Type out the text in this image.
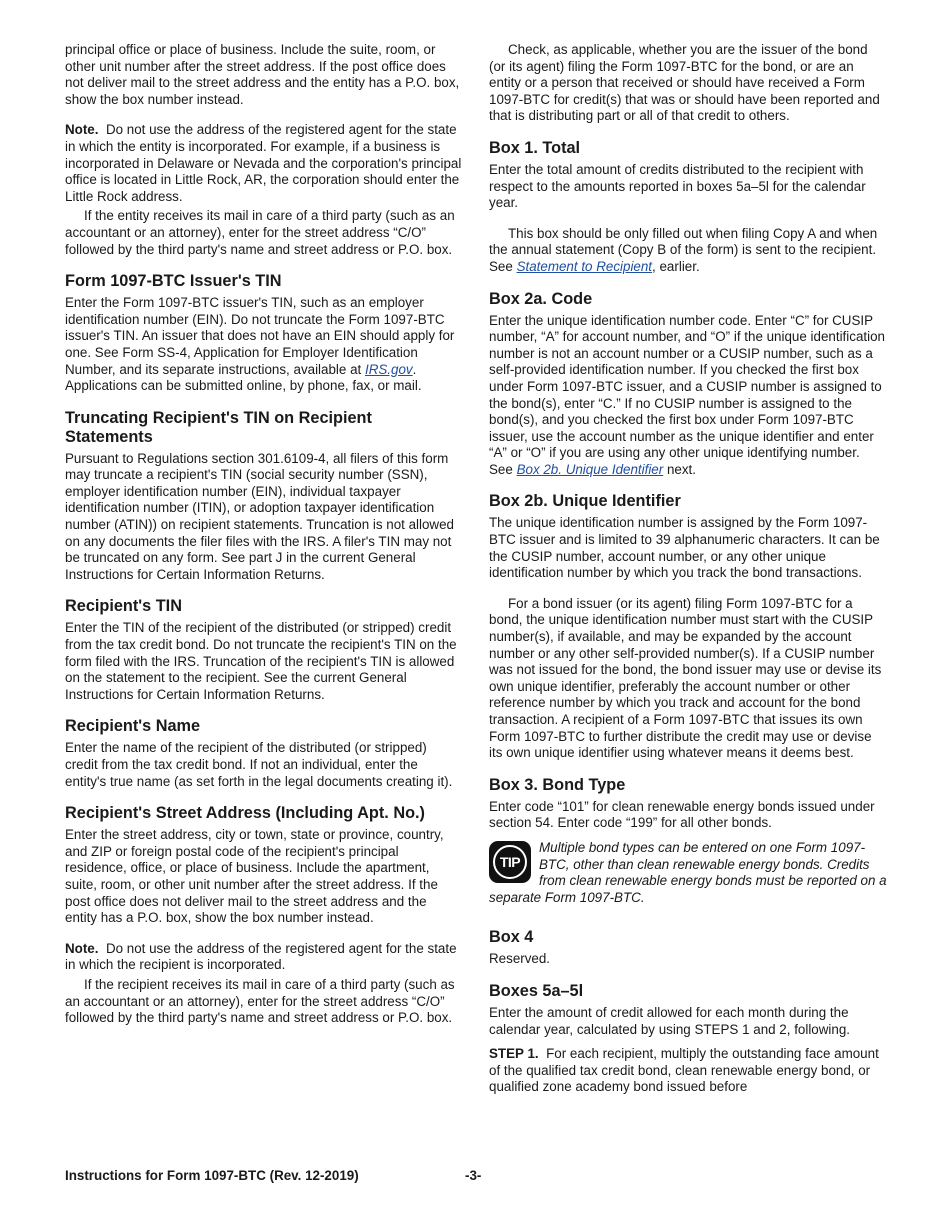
principal office or place of business. Include the suite, room, or other unit number after the street address. If the post office does not deliver mail to the street address and the entity has a P.O. box, show the box number instead.

Note. Do not use the address of the registered agent for the state in which the entity is incorporated. For example, if a business is incorporated in Delaware or Nevada and the corporation's principal office is located in Little Rock, AR, the corporation should enter the Little Rock address.

If the entity receives its mail in care of a third party (such as an accountant or an attorney), enter for the street address “C/O” followed by the third party's name and street address or P.O. box.

Form 1097-BTC Issuer's TIN

Enter the Form 1097-BTC issuer's TIN, such as an employer identification number (EIN). Do not truncate the Form 1097-BTC issuer's TIN. An issuer that does not have an EIN should apply for one. See Form SS-4, Application for Employer Identification Number, and its separate instructions, available at IRS.gov. Applications can be submitted online, by phone, fax, or mail.

Truncating Recipient's TIN on Recipient Statements

Pursuant to Regulations section 301.6109-4, all filers of this form may truncate a recipient's TIN (social security number (SSN), employer identification number (EIN), individual taxpayer identification number (ITIN), or adoption taxpayer identification number (ATIN)) on recipient statements. Truncation is not allowed on any documents the filer files with the IRS. A filer's TIN may not be truncated on any form. See part J in the current General Instructions for Certain Information Returns.

Recipient's TIN

Enter the TIN of the recipient of the distributed (or stripped) credit from the tax credit bond. Do not truncate the recipient's TIN on the form filed with the IRS. Truncation of the recipient's TIN is allowed on the statement to the recipient. See the current General Instructions for Certain Information Returns.

Recipient's Name

Enter the name of the recipient of the distributed (or stripped) credit from the tax credit bond. If not an individual, enter the entity's true name (as set forth in the legal documents creating it).

Recipient's Street Address (Including Apt. No.)

Enter the street address, city or town, state or province, country, and ZIP or foreign postal code of the recipient's principal residence, office, or place of business. Include the apartment, suite, room, or other unit number after the street address. If the post office does not deliver mail to the street address and the entity has a P.O. box, show the box number instead.

Note. Do not use the address of the registered agent for the state in which the recipient is incorporated.

If the recipient receives its mail in care of a third party (such as an accountant or an attorney), enter for the street address “C/O” followed by the third party's name and street address or P.O. box.

Check, as applicable, whether you are the issuer of the bond (or its agent) filing the Form 1097-BTC for the bond, or are an entity or a person that received or should have received a Form 1097-BTC for credit(s) that was or should have been reported and that is distributing part or all of that credit to others.

Box 1. Total

Enter the total amount of credits distributed to the recipient with respect to the amounts reported in boxes 5a–5l for the calendar year.

This box should be only filled out when filing Copy A and when the annual statement (Copy B of the form) is sent to the recipient. See Statement to Recipient, earlier.

Box 2a. Code

Enter the unique identification number code. Enter “C” for CUSIP number, “A” for account number, and “O” if the unique identification number is not an account number or a CUSIP number, such as a self-provided identification number. If you checked the first box under Form 1097-BTC issuer, and a CUSIP number is assigned to the bond(s), enter “C.” If no CUSIP number is assigned to the bond(s), and you checked the first box under Form 1097-BTC issuer, use the account number as the unique identifier and enter “A” or “O” if you are using any other unique identifying number. See Box 2b. Unique Identifier next.

Box 2b. Unique Identifier

The unique identification number is assigned by the Form 1097-BTC issuer and is limited to 39 alphanumeric characters. It can be the CUSIP number, account number, or any other unique identification number by which you track the bond transactions.

For a bond issuer (or its agent) filing Form 1097-BTC for a bond, the unique identification number must start with the CUSIP number(s), if available, and may be expanded by the account number or any other self-provided number(s). If a CUSIP number was not issued for the bond, the bond issuer may use or devise its own unique identifier, preferably the account number or other reference number by which you track and account for the bond transaction. A recipient of a Form 1097-BTC that issues its own Form 1097-BTC to further distribute the credit may use or devise its own unique identifier using whatever means it deems best.

Box 3. Bond Type

Enter code “101” for clean renewable energy bonds issued under section 54. Enter code “199” for all other bonds.

TIP
Multiple bond types can be entered on one Form 1097-BTC, other than clean renewable energy bonds. Credits from clean renewable energy bonds must be reported on a separate Form 1097-BTC.
Box 4

Reserved.

Boxes 5a–5l

Enter the amount of credit allowed for each month during the calendar year, calculated by using STEPS 1 and 2, following.

STEP 1. For each recipient, multiply the outstanding face amount of the qualified tax credit bond, clean renewable energy bond, or qualified zone academy bond issued before

Instructions for Form 1097-BTC (Rev. 12-2019)	-3-
